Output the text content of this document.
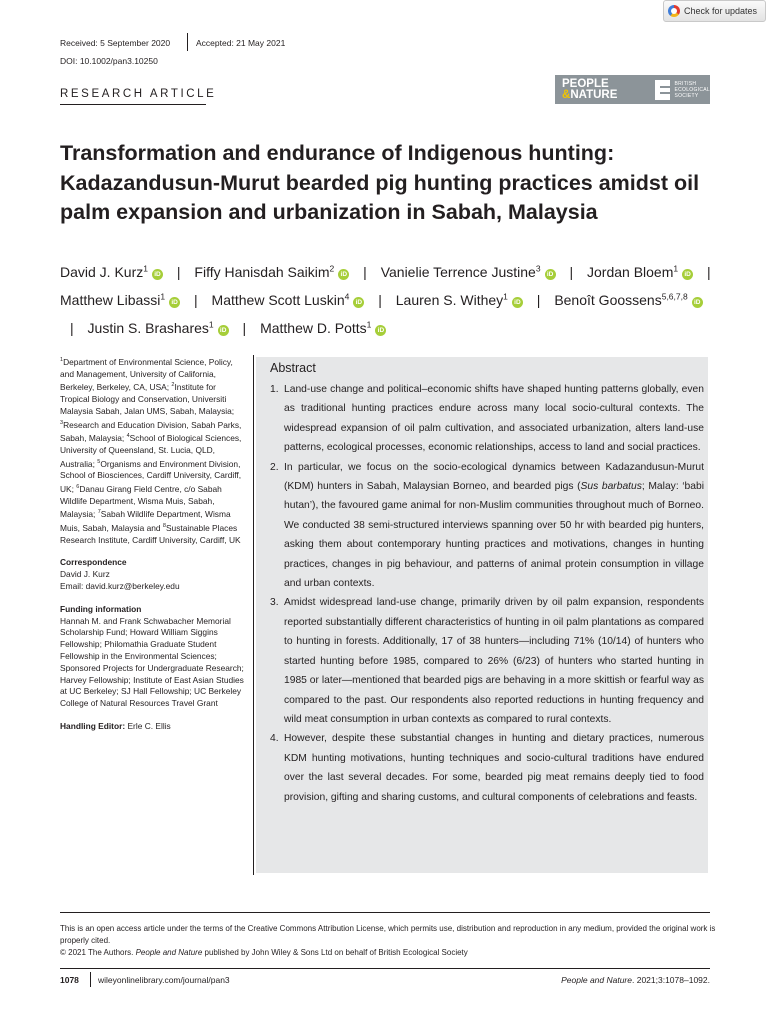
Check for updates
Received: 5 September 2020	Accepted: 21 May 2021
DOI: 10.1002/pan3.10250
RESEARCH ARTICLE
PEOPLE
&NATURE
BRITISH
ECOLOGICAL
SOCIETY
Transformation and endurance of Indigenous hunting: Kadazandusun-Murut bearded pig hunting practices amidst oil palm expansion and urbanization in Sabah, Malaysia
David J. Kurz$^1$iD | Fiffy Hanisdah Saikim$^2$iD | Vanielie Terrence Justine$^3$iD | Jordan Bloem$^1$iD | Matthew Libassi$^1$iD | Matthew Scott Luskin$^4$iD | Lauren S. Withey$^1$iD | Benoît Goossens$^{5,6,7,8}$iD | Justin S. Brashares$^1$iD | Matthew D. Potts$^1$iD
$^1$Department of Environmental Science, Policy, and Management, University of California, Berkeley, Berkeley, CA, USA; $^2$Institute for Tropical Biology and Conservation, Universiti Malaysia Sabah, Jalan UMS, Sabah, Malaysia; $^3$Research and Education Division, Sabah Parks, Sabah, Malaysia; $^4$School of Biological Sciences, University of Queensland, St. Lucia, QLD, Australia; $^5$Organisms and Environment Division, School of Biosciences, Cardiff University, Cardiff, UK; $^6$Danau Girang Field Centre, c/o Sabah Wildlife Department, Wisma Muis, Sabah, Malaysia; $^7$Sabah Wildlife Department, Wisma Muis, Sabah, Malaysia and $^8$Sustainable Places Research Institute, Cardiff University, Cardiff, UK
Correspondence
David J. Kurz
Email: david.kurz@berkeley.edu
Funding information
Hannah M. and Frank Schwabacher Memorial Scholarship Fund; Howard William Siggins Fellowship; Philomathia Graduate Student Fellowship in the Environmental Sciences; Sponsored Projects for Undergraduate Research; Harvey Fellowship; Institute of East Asian Studies at UC Berkeley; SJ Hall Fellowship; UC Berkeley College of Natural Resources Travel Grant
Handling Editor: Erle C. Ellis
Abstract
1. Land-use change and political–economic shifts have shaped hunting patterns globally, even as traditional hunting practices endure across many local socio-cultural contexts. The widespread expansion of oil palm cultivation, and associated urbanization, alters land-use patterns, ecological processes, economic relationships, access to land and social practices.
2. In particular, we focus on the socio-ecological dynamics between Kadazandusun-Murut (KDM) hunters in Sabah, Malaysian Borneo, and bearded pigs (Sus barbatus; Malay: ‘babi hutan’), the favoured game animal for non-Muslim communities throughout much of Borneo. We conducted 38 semi-structured interviews spanning over 50 hr with bearded pig hunters, asking them about contemporary hunting practices and motivations, changes in hunting practices, changes in pig behaviour, and patterns of animal protein consumption in village and urban contexts.
3. Amidst widespread land-use change, primarily driven by oil palm expansion, respondents reported substantially different characteristics of hunting in oil palm plantations as compared to hunting in forests. Additionally, 17 of 38 hunters—including 71% (10/14) of hunters who started hunting before 1985, compared to 26% (6/23) of hunters who started hunting in 1985 or later—mentioned that bearded pigs are behaving in a more skittish or fearful way as compared to the past. Our respondents also reported reductions in hunting frequency and wild meat consumption in urban contexts as compared to rural contexts.
4. However, despite these substantial changes in hunting and dietary practices, numerous KDM hunting motivations, hunting techniques and socio-cultural traditions have endured over the last several decades. For some, bearded pig meat remains deeply tied to food provision, gifting and sharing customs, and cultural components of celebrations and feasts.
This is an open access article under the terms of the Creative Commons Attribution License, which permits use, distribution and reproduction in any medium, provided the original work is properly cited.
© 2021 The Authors. People and Nature published by John Wiley & Sons Ltd on behalf of British Ecological Society
1078 wileyonlinelibrary.com/journal/pan3	People and Nature. 2021;3:1078–1092.
